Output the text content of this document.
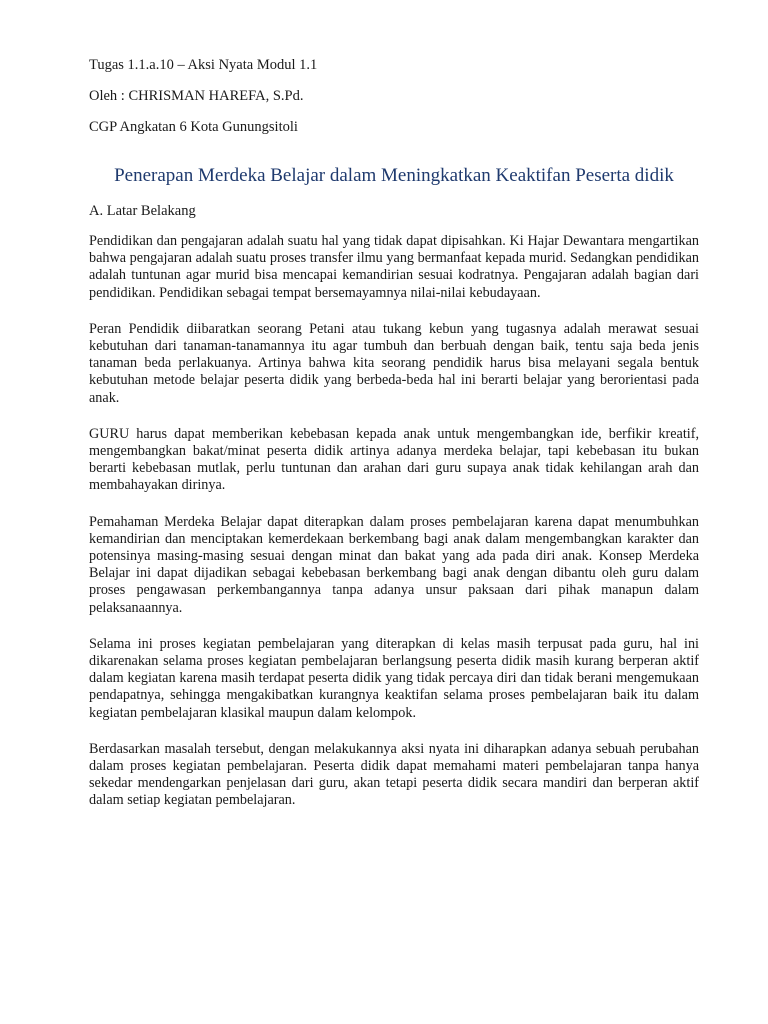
Tugas 1.1.a.10 – Aksi Nyata Modul 1.1

Oleh : CHRISMAN HAREFA, S.Pd.

CGP Angkatan 6 Kota Gunungsitoli

Penerapan Merdeka Belajar dalam Meningkatkan Keaktifan Peserta didik

A. Latar Belakang

Pendidikan dan pengajaran adalah suatu hal yang tidak dapat dipisahkan. Ki Hajar Dewantara mengartikan bahwa pengajaran adalah suatu proses transfer ilmu yang bermanfaat kepada murid. Sedangkan pendidikan adalah tuntunan agar murid bisa mencapai kemandirian sesuai kodratnya. Pengajaran adalah bagian dari pendidikan. Pendidikan sebagai tempat bersemayamnya nilai-nilai kebudayaan.

Peran Pendidik diibaratkan seorang Petani atau tukang kebun yang tugasnya adalah merawat sesuai kebutuhan dari tanaman-tanamannya itu agar tumbuh dan berbuah dengan baik, tentu saja beda jenis tanaman beda perlakuanya. Artinya bahwa kita seorang pendidik harus bisa melayani segala bentuk kebutuhan metode belajar peserta didik yang berbeda-beda hal ini berarti belajar yang berorientasi pada anak.

GURU harus dapat memberikan kebebasan kepada anak untuk mengembangkan ide, berfikir kreatif, mengembangkan bakat/minat peserta didik artinya adanya merdeka belajar, tapi kebebasan itu bukan berarti kebebasan mutlak, perlu tuntunan dan arahan dari guru supaya anak tidak kehilangan arah dan membahayakan dirinya.

Pemahaman Merdeka Belajar dapat diterapkan dalam proses pembelajaran karena dapat menumbuhkan kemandirian dan menciptakan kemerdekaan berkembang bagi anak dalam mengembangkan karakter dan potensinya masing-masing sesuai dengan minat dan bakat yang ada pada diri anak. Konsep Merdeka Belajar ini dapat dijadikan sebagai kebebasan berkembang bagi anak dengan dibantu oleh guru dalam proses pengawasan perkembangannya tanpa adanya unsur paksaan dari pihak manapun dalam pelaksanaannya.

Selama ini proses kegiatan pembelajaran yang diterapkan di kelas masih terpusat pada guru, hal ini dikarenakan selama proses kegiatan pembelajaran berlangsung peserta didik masih kurang berperan aktif dalam kegiatan karena masih terdapat peserta didik yang tidak percaya diri dan tidak berani mengemukaan pendapatnya, sehingga mengakibatkan kurangnya keaktifan selama proses pembelajaran baik itu dalam kegiatan pembelajaran klasikal maupun dalam kelompok.

Berdasarkan masalah tersebut, dengan melakukannya aksi nyata ini diharapkan adanya sebuah perubahan dalam proses kegiatan pembelajaran. Peserta didik dapat memahami materi pembelajaran tanpa hanya sekedar mendengarkan penjelasan dari guru, akan tetapi peserta didik secara mandiri dan berperan aktif dalam setiap kegiatan pembelajaran.
